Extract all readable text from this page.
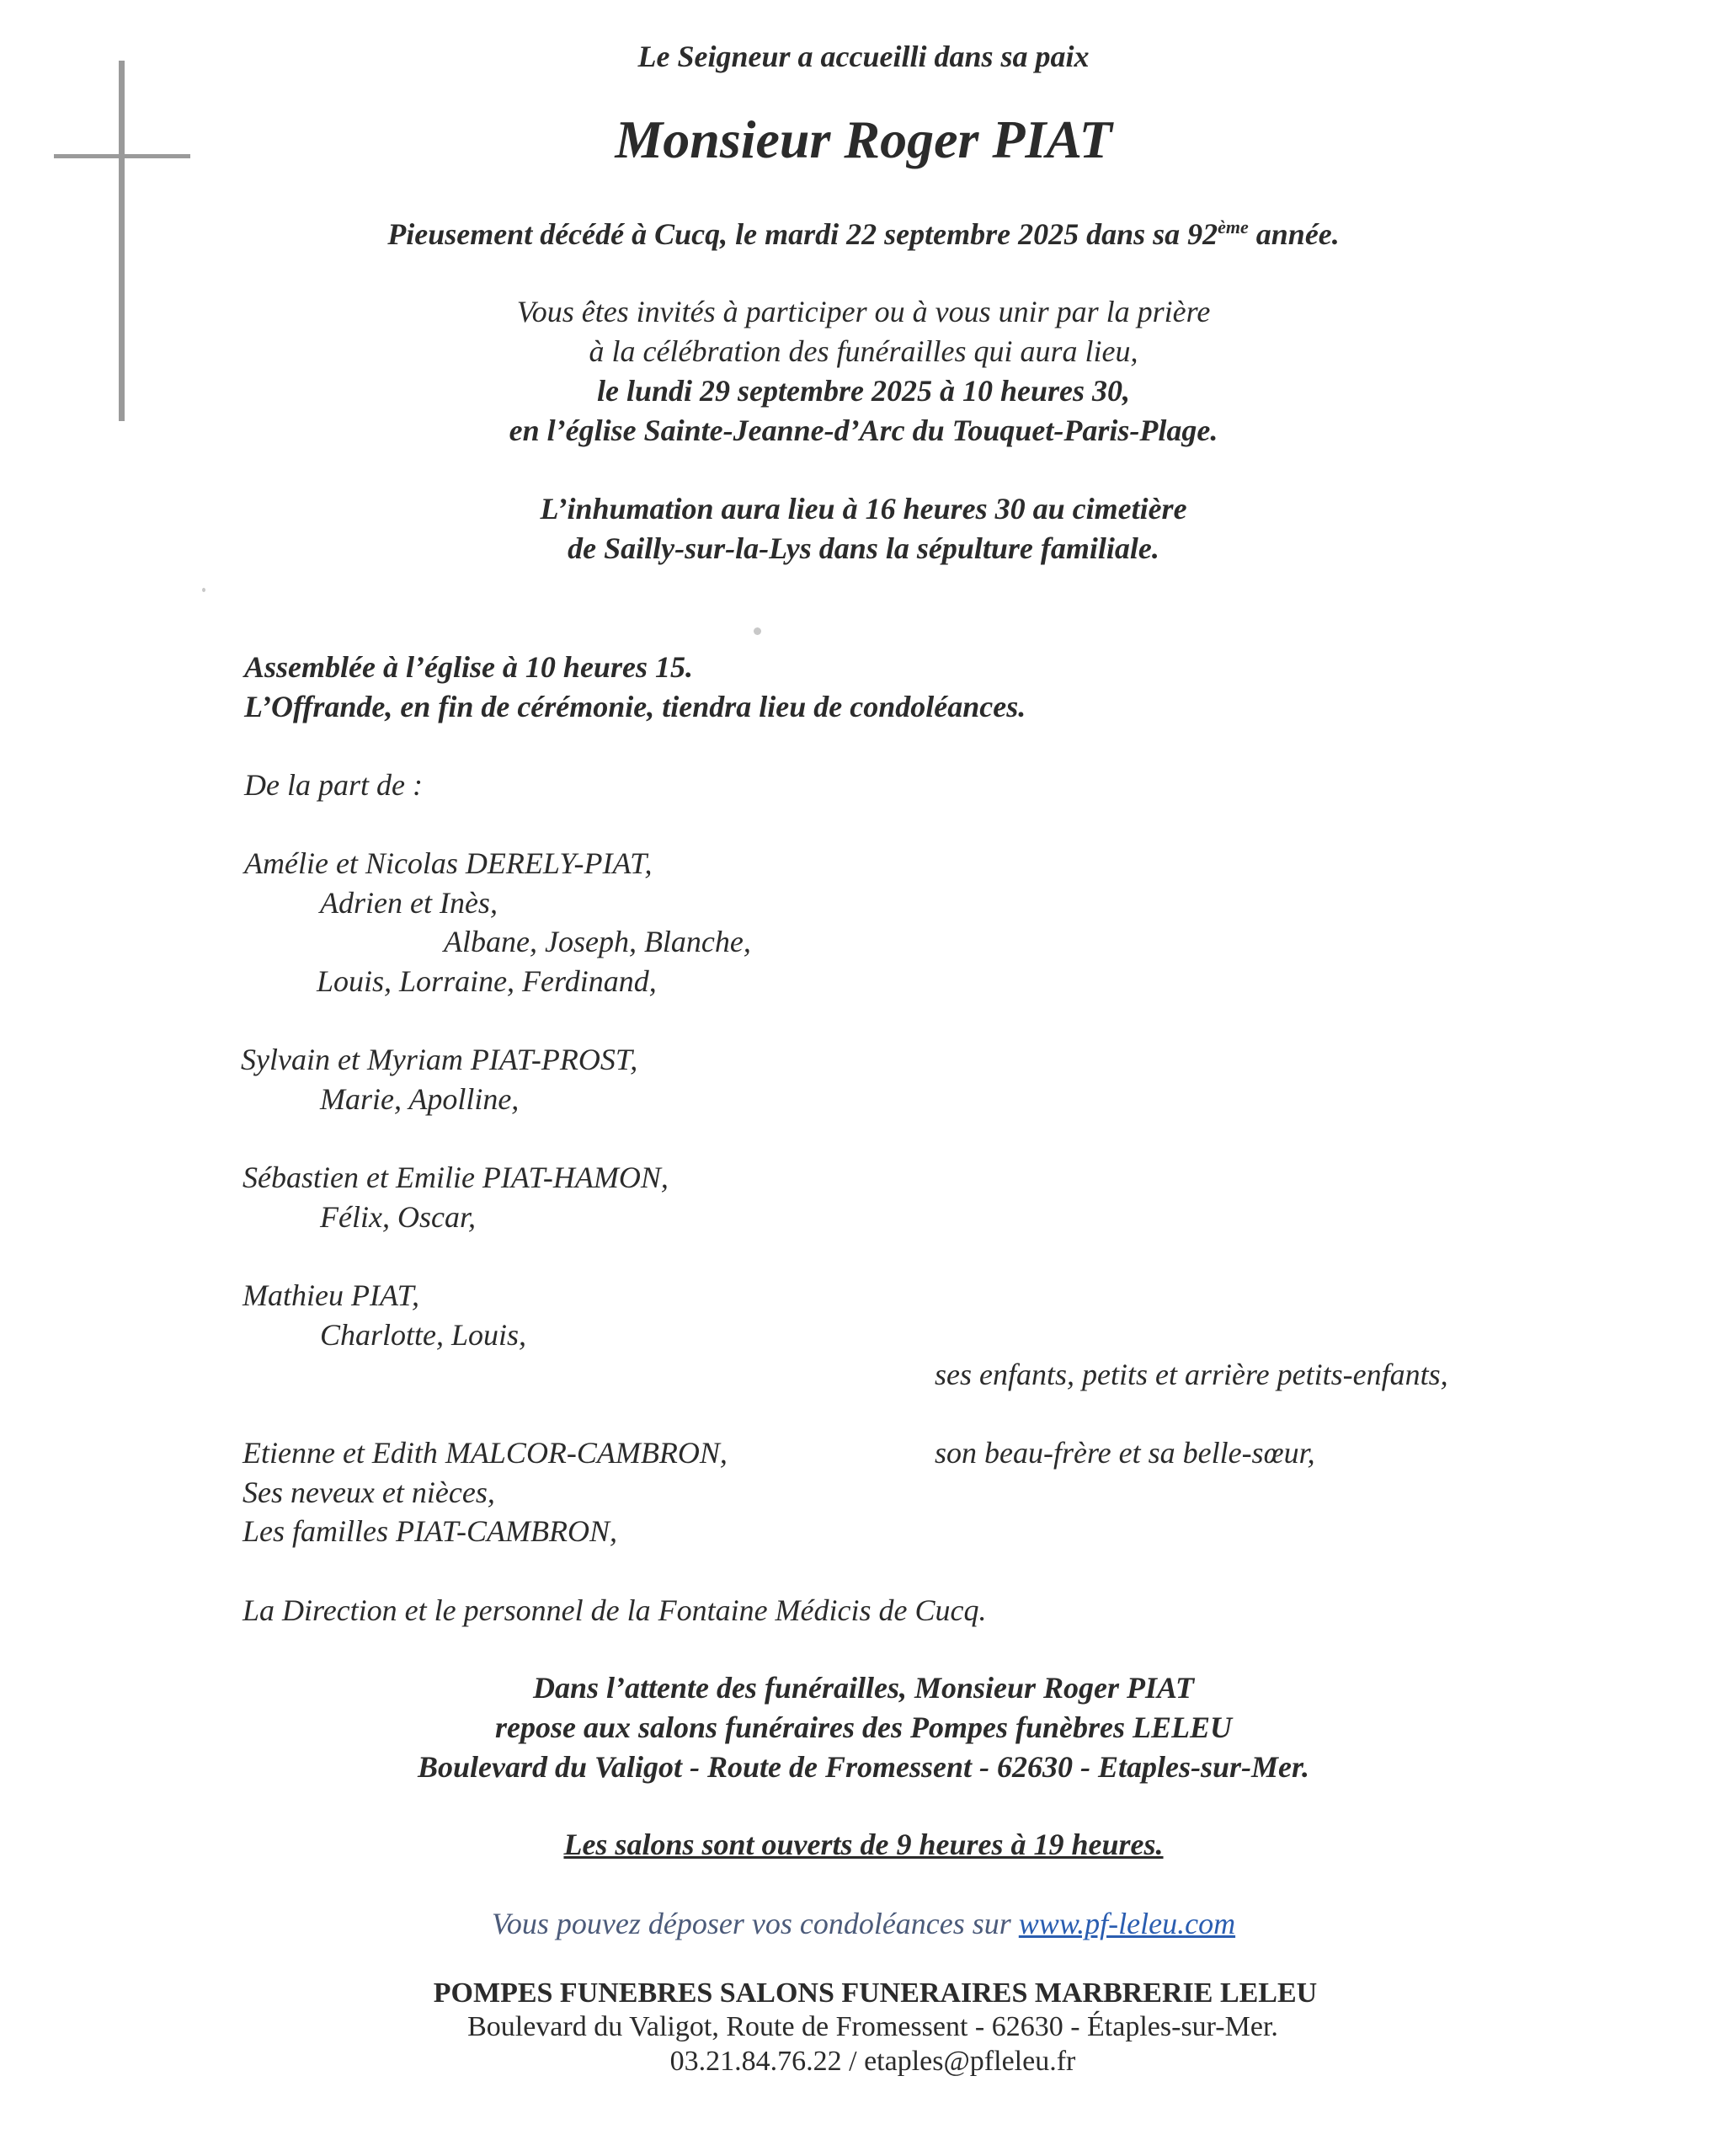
Le Seigneur a accueilli dans sa paix
Monsieur Roger PIAT
Pieusement décédé à Cucq, le mardi 22 septembre 2025 dans sa 92ème année.
Vous êtes invités à participer ou à vous unir par la prière
à la célébration des funérailles qui aura lieu,
le lundi 29 septembre 2025 à 10 heures 30,
en l’église Sainte-Jeanne-d’Arc du Touquet-Paris-Plage.
L’inhumation aura lieu à 16 heures 30 au cimetière
de Sailly-sur-la-Lys dans la sépulture familiale.
Assemblée à l’église à 10 heures 15.
L’Offrande, en fin de cérémonie, tiendra lieu de condoléances.
De la part de :
Amélie et Nicolas DERELY-PIAT,
Adrien et Inès,
Albane, Joseph, Blanche,
Louis, Lorraine, Ferdinand,
Sylvain et Myriam PIAT-PROST,
Marie, Apolline,
Sébastien et Emilie PIAT-HAMON,
Félix, Oscar,
Mathieu PIAT,
Charlotte, Louis,
ses enfants, petits et arrière petits-enfants,
Etienne et Edith MALCOR-CAMBRON,	son beau-frère et sa belle-sœur,
Ses neveux et nièces,
Les familles PIAT-CAMBRON,
La Direction et le personnel de la Fontaine Médicis de Cucq.
Dans l’attente des funérailles, Monsieur Roger PIAT
repose aux salons funéraires des Pompes funèbres LELEU
Boulevard du Valigot - Route de Fromessent - 62630 - Etaples-sur-Mer.
Les salons sont ouverts de 9 heures à 19 heures.
Vous pouvez déposer vos condoléances sur www.pf-leleu.com
POMPES FUNEBRES SALONS FUNERAIRES MARBRERIE LELEU
Boulevard du Valigot, Route de Fromessent - 62630 - Étaples-sur-Mer.
03.21.84.76.22 / etaples@pfleleu.fr
